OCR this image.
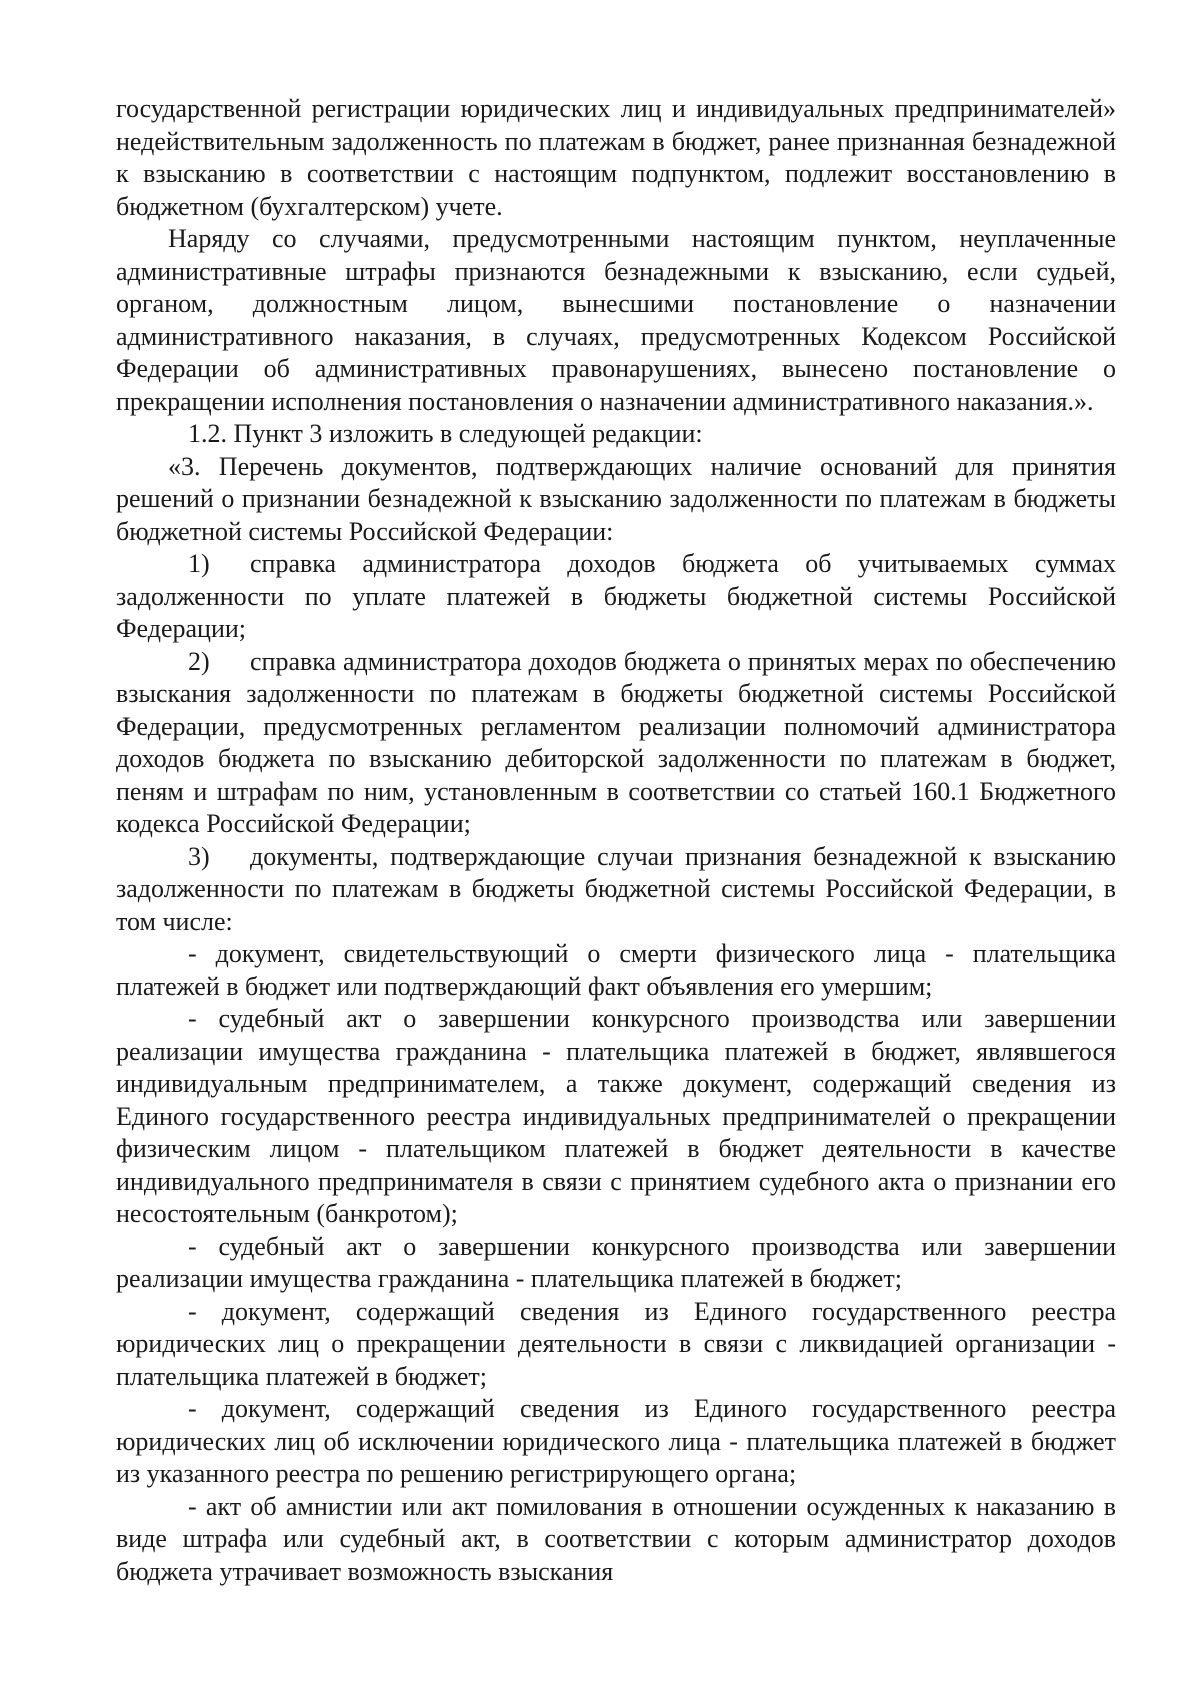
государственной регистрации юридических лиц и индивидуальных предпринимателей» недействительным задолженность по платежам в бюджет, ранее признанная безнадежной к взысканию в соответствии с настоящим подпунктом, подлежит восстановлению в бюджетном (бухгалтерском) учете.

Наряду со случаями, предусмотренными настоящим пунктом, неуплаченные административные штрафы признаются безнадежными к взысканию, если судьей, органом, должностным лицом, вынесшими постановление о назначении административного наказания, в случаях, предусмотренных Кодексом Российской Федерации об административных правонарушениях, вынесено постановление о прекращении исполнения постановления о назначении административного наказания.».

1.2. Пункт 3 изложить в следующей редакции:

«3. Перечень документов, подтверждающих наличие оснований для принятия решений о признании безнадежной к взысканию задолженности по платежам в бюджеты бюджетной системы Российской Федерации:

1) справка администратора доходов бюджета об учитываемых суммах задолженности по уплате платежей в бюджеты бюджетной системы Российской Федерации;

2) справка администратора доходов бюджета о принятых мерах по обеспечению взыскания задолженности по платежам в бюджеты бюджетной системы Российской Федерации, предусмотренных регламентом реализации полномочий администратора доходов бюджета по взысканию дебиторской задолженности по платежам в бюджет, пеням и штрафам по ним, установленным в соответствии со статьей 160.1 Бюджетного кодекса Российской Федерации;

3) документы, подтверждающие случаи признания безнадежной к взысканию задолженности по платежам в бюджеты бюджетной системы Российской Федерации, в том числе:

- документ, свидетельствующий о смерти физического лица - плательщика платежей в бюджет или подтверждающий факт объявления его умершим;

- судебный акт о завершении конкурсного производства или завершении реализации имущества гражданина - плательщика платежей в бюджет, являвшегося индивидуальным предпринимателем, а также документ, содержащий сведения из Единого государственного реестра индивидуальных предпринимателей о прекращении физическим лицом - плательщиком платежей в бюджет деятельности в качестве индивидуального предпринимателя в связи с принятием судебного акта о признании его несостоятельным (банкротом);

- судебный акт о завершении конкурсного производства или завершении реализации имущества гражданина - плательщика платежей в бюджет;

- документ, содержащий сведения из Единого государственного реестра юридических лиц о прекращении деятельности в связи с ликвидацией организации - плательщика платежей в бюджет;

- документ, содержащий сведения из Единого государственного реестра юридических лиц об исключении юридического лица - плательщика платежей в бюджет из указанного реестра по решению регистрирующего органа;

- акт об амнистии или акт помилования в отношении осужденных к наказанию в виде штрафа или судебный акт, в соответствии с которым администратор доходов бюджета утрачивает возможность взыскания
